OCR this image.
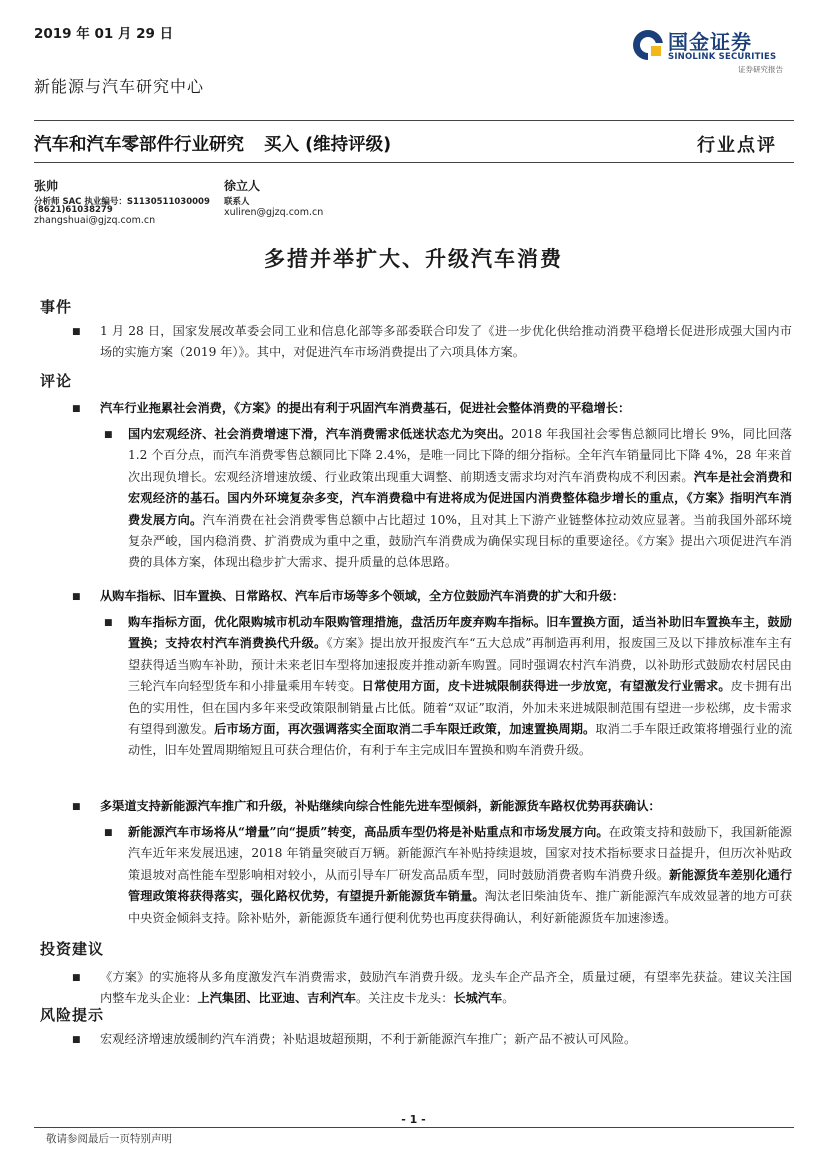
2019 年 01 月 29 日
新能源与汽车研究中心
国金证券
SINOLINK SECURITIES
证券研究报告
汽车和汽车零部件行业研究 买入 (维持评级)	行业点评
张帅
分析师 SAC 执业编号：S1130511030009
(8621)61038279
zhangshuai@gjzq.com.cn
徐立人
联系人
xuliren@gjzq.com.cn
多措并举扩大、升级汽车消费
事件
■ 1 月 28 日，国家发展改革委会同工业和信息化部等多部委联合印发了《进一步优化供给推动消费平稳增长促进形成强大国内市场的实施方案（2019 年）》。其中，对促进汽车市场消费提出了六项具体方案。
评论
■ 汽车行业拖累社会消费，《方案》的提出有利于巩固汽车消费基石，促进社会整体消费的平稳增长：
■ 国内宏观经济、社会消费增速下滑，汽车消费需求低迷状态尤为突出。2018 年我国社会零售总额同比增长 9%，同比回落 1.2 个百分点，而汽车消费零售总额同比下降 2.4%，是唯一同比下降的细分指标。全年汽车销量同比下降 4%，28 年来首次出现负增长。宏观经济增速放缓、行业政策出现重大调整、前期透支需求均对汽车消费构成不利因素。汽车是社会消费和宏观经济的基石。国内外环境复杂多变，汽车消费稳中有进将成为促进国内消费整体稳步增长的重点，《方案》指明汽车消费发展方向。汽车消费在社会消费零售总额中占比超过 10%，且对其上下游产业链整体拉动效应显著。当前我国外部环境复杂严峻，国内稳消费、扩消费成为重中之重，鼓励汽车消费成为确保实现目标的重要途径。《方案》提出六项促进汽车消费的具体方案，体现出稳步扩大需求、提升质量的总体思路。
■ 从购车指标、旧车置换、日常路权、汽车后市场等多个领域，全方位鼓励汽车消费的扩大和升级：
■ 购车指标方面，优化限购城市机动车限购管理措施，盘活历年废弃购车指标。旧车置换方面，适当补助旧车置换车主，鼓励置换；支持农村汽车消费换代升级。《方案》提出放开报废汽车“五大总成”再制造再利用，报废国三及以下排放标准车主有望获得适当购车补助，预计未来老旧车型将加速报废并推动新车购置。同时强调农村汽车消费，以补助形式鼓励农村居民由三轮汽车向轻型货车和小排量乘用车转变。日常使用方面，皮卡进城限制获得进一步放宽，有望激发行业需求。皮卡拥有出色的实用性，但在国内多年来受政策限制销量占比低。随着“双证”取消，外加未来进城限制范围有望进一步松绑，皮卡需求有望得到激发。后市场方面，再次强调落实全面取消二手车限迁政策，加速置换周期。取消二手车限迁政策将增强行业的流动性，旧车处置周期缩短且可获合理估价，有利于车主完成旧车置换和购车消费升级。
■ 多渠道支持新能源汽车推广和升级，补贴继续向综合性能先进车型倾斜，新能源货车路权优势再获确认：
■ 新能源汽车市场将从“增量”向“提质”转变，高品质车型仍将是补贴重点和市场发展方向。在政策支持和鼓励下，我国新能源汽车近年来发展迅速，2018 年销量突破百万辆。新能源汽车补贴持续退坡，国家对技术指标要求日益提升，但历次补贴政策退坡对高性能车型影响相对较小，从而引导车厂研发高品质车型，同时鼓励消费者购车消费升级。新能源货车差别化通行管理政策将获得落实，强化路权优势，有望提升新能源货车销量。淘汰老旧柴油货车、推广新能源汽车成效显著的地方可获中央资金倾斜支持。除补贴外，新能源货车通行便利优势也再度获得确认，利好新能源货车加速渗透。
投资建议
■ 《方案》的实施将从多角度激发汽车消费需求，鼓励汽车消费升级。龙头车企产品齐全，质量过硬，有望率先获益。建议关注国内整车龙头企业：上汽集团、比亚迪、吉利汽车。关注皮卡龙头：长城汽车。
风险提示
■ 宏观经济增速放缓制约汽车消费；补贴退坡超预期，不利于新能源汽车推广；新产品不被认可风险。
- 1 -
敬请参阅最后一页特别声明
